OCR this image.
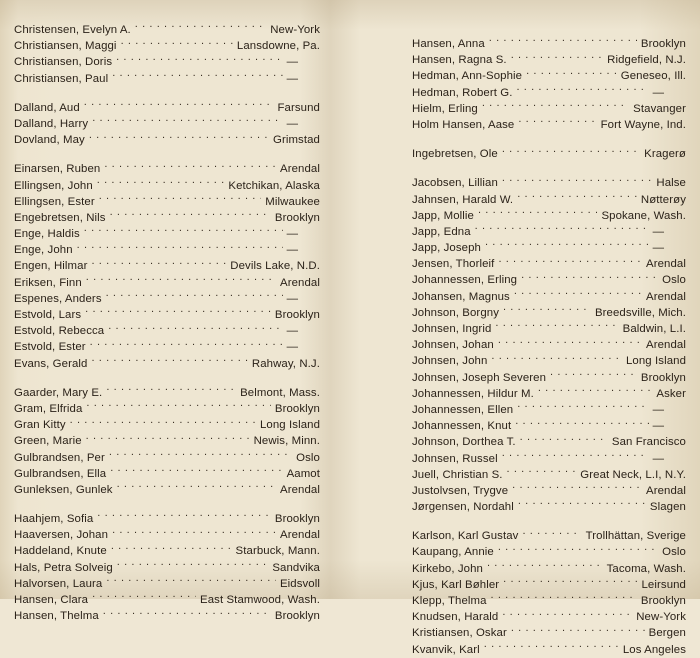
Christensen, Evelyn A. . . .	New-York
Christiansen, Maggi . . .	Lansdowne, Pa.
Christiansen, Doris . . .	—
Christiansen, Paul . . .	—
Dalland, Aud . . .	Farsund
Dalland, Harry . . .	—
Dovland, May . . .	Grimstad
Einarsen, Ruben . . .	Arendal
Ellingsen, John . . .	Ketchikan, Alaska
Ellingsen, Ester . . .	Milwaukee
Engebretsen, Nils . . .	Brooklyn
Enge, Haldis . . .	—
Enge, John . . .	—
Engen, Hilmar . . .	Devils Lake, N.D.
Eriksen, Finn . . .	Arendal
Espenes, Anders . . .	—
Estvold, Lars . . .	Brooklyn
Estvold, Rebecca . . .	—
Estvold, Ester . . .	—
Evans, Gerald . . .	Rahway, N.J.
Gaarder, Mary E. . . .	Belmont, Mass.
Gram, Elfrida . . .	Brooklyn
Gran Kitty . . .	Long Island
Green, Marie . . .	Newis, Minn.
Gulbrandsen, Per . . .	Oslo
Gulbrandsen, Ella . . .	Aamot
Gunleksen, Gunlek . . .	Arendal
Haahjem, Sofia . . .	Brooklyn
Haaversen, Johan . . .	Arendal
Haddeland, Knute . . .	Starbuck, Mann.
Hals, Petra Solveig . . .	Sandvika
Halvorsen, Laura . . .	Eidsvoll
Hansen, Clara . . .	East Stamwood, Wash.
Hansen, Thelma . . .	Brooklyn
Hansen, Anna . . .	Brooklyn
Hansen, Ragna S. . . .	Ridgefield, N.J.
Hedman, Ann-Sophie . . .	Geneseo, Ill.
Hedman, Robert G. . . .	—
Hielm, Erling . . .	Stavanger
Holm Hansen, Aase . . .	Fort Wayne, Ind.
Ingebretsen, Ole . . .	Kragerø
Jacobsen, Lillian . . .	Halse
Jahnsen, Harald W. . . .	Nøtterøy
Japp, Mollie . . .	Spokane, Wash.
Japp, Edna . . .	—
Japp, Joseph . . .	—
Jensen, Thorleif . . .	Arendal
Johannessen, Erling . . .	Oslo
Johansen, Magnus . . .	Arendal
Johnson, Borgny . . .	Breedsville, Mich.
Johnsen, Ingrid . . .	Baldwin, L.I.
Johnsen, Johan . . .	Arendal
Johnsen, John . . .	Long Island
Johnsen, Joseph Severen . . .	Brooklyn
Johannessen, Hildur M. . . .	Asker
Johannessen, Ellen . . .	—
Johannessen, Knut . . .	—
Johnson, Dorthea T. . . .	San Francisco
Johnsen, Russel . . .	—
Juell, Christian S. . . .	Great Neck, L.I, N.Y.
Justolvsen, Trygve . . .	Arendal
Jørgensen, Nordahl . . .	Slagen
Karlson, Karl Gustav . . .	Trollhättan, Sverige
Kaupang, Annie . . .	Oslo
Kirkebo, John . . .	Tacoma, Wash.
Kjus, Karl Bøhler . . .	Leirsund
Klepp, Thelma . . .	Brooklyn
Knudsen, Harald . . .	New-York
Kristiansen, Oskar . . .	Bergen
Kvanvik, Karl . . .	Los Angeles
